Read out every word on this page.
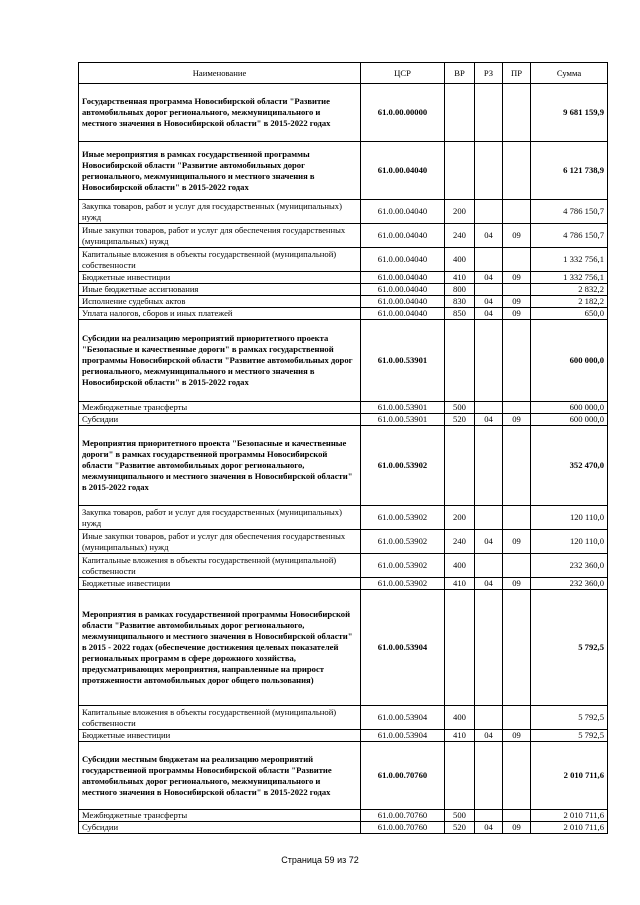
Наименование	ЦСР	ВР	РЗ	ПР	Сумма
Государственная программа Новосибирской области "Развитие автомобильных дорог регионального, межмуниципального и местного значения в Новосибирской области" в 2015-2022 годах	61.0.00.00000				9 681 159,9
Иные мероприятия в рамках государственной программы Новосибирской области "Развитие автомобильных дорог регионального, межмуниципального и местного значения в Новосибирской области" в 2015-2022 годах	61.0.00.04040				6 121 738,9
Закупка товаров, работ и услуг для государственных (муниципальных) нужд	61.0.00.04040	200			4 786 150,7
Иные закупки товаров, работ и услуг для обеспечения государственных (муниципальных) нужд	61.0.00.04040	240	04	09	4 786 150,7
Капитальные вложения в объекты государственной (муниципальной) собственности	61.0.00.04040	400			1 332 756,1
Бюджетные инвестиции	61.0.00.04040	410	04	09	1 332 756,1
Иные бюджетные ассигнования	61.0.00.04040	800			2 832,2
Исполнение судебных актов	61.0.00.04040	830	04	09	2 182,2
Уплата налогов, сборов и иных платежей	61.0.00.04040	850	04	09	650,0
Субсидии на реализацию мероприятий приоритетного проекта "Безопасные и качественные дороги" в рамках государственной программы Новосибирской области "Развитие автомобильных дорог регионального, межмуниципального и местного значения в Новосибирской области" в 2015-2022 годах	61.0.00.53901				600 000,0
Межбюджетные трансферты	61.0.00.53901	500			600 000,0
Субсидии	61.0.00.53901	520	04	09	600 000,0
Мероприятия приоритетного проекта "Безопасные и качественные дороги" в рамках государственной программы Новосибирской области "Развитие автомобильных дорог регионального, межмуниципального и местного значения в Новосибирской области" в 2015-2022 годах	61.0.00.53902				352 470,0
Закупка товаров, работ и услуг для государственных (муниципальных) нужд	61.0.00.53902	200			120 110,0
Иные закупки товаров, работ и услуг для обеспечения государственных (муниципальных) нужд	61.0.00.53902	240	04	09	120 110,0
Капитальные вложения в объекты государственной (муниципальной) собственности	61.0.00.53902	400			232 360,0
Бюджетные инвестиции	61.0.00.53902	410	04	09	232 360,0
Мероприятия в рамках государственной программы Новосибирской области "Развитие автомобильных дорог регионального, межмуниципального и местного значения в Новосибирской области" в 2015 - 2022 годах (обеспечение достижения целевых показателей региональных программ в сфере дорожного хозяйства, предусматривающих мероприятия, направленные на прирост протяженности автомобильных дорог общего пользования)	61.0.00.53904				5 792,5
Капитальные вложения в объекты государственной (муниципальной) собственности	61.0.00.53904	400			5 792,5
Бюджетные инвестиции	61.0.00.53904	410	04	09	5 792,5
Субсидии местным бюджетам на реализацию мероприятий государственной программы Новосибирской области "Развитие автомобильных дорог регионального, межмуниципального и местного значения в Новосибирской области" в 2015-2022 годах	61.0.00.70760				2 010 711,6
Межбюджетные трансферты	61.0.00.70760	500			2 010 711,6
Субсидии	61.0.00.70760	520	04	09	2 010 711,6
Страница 59 из 72
